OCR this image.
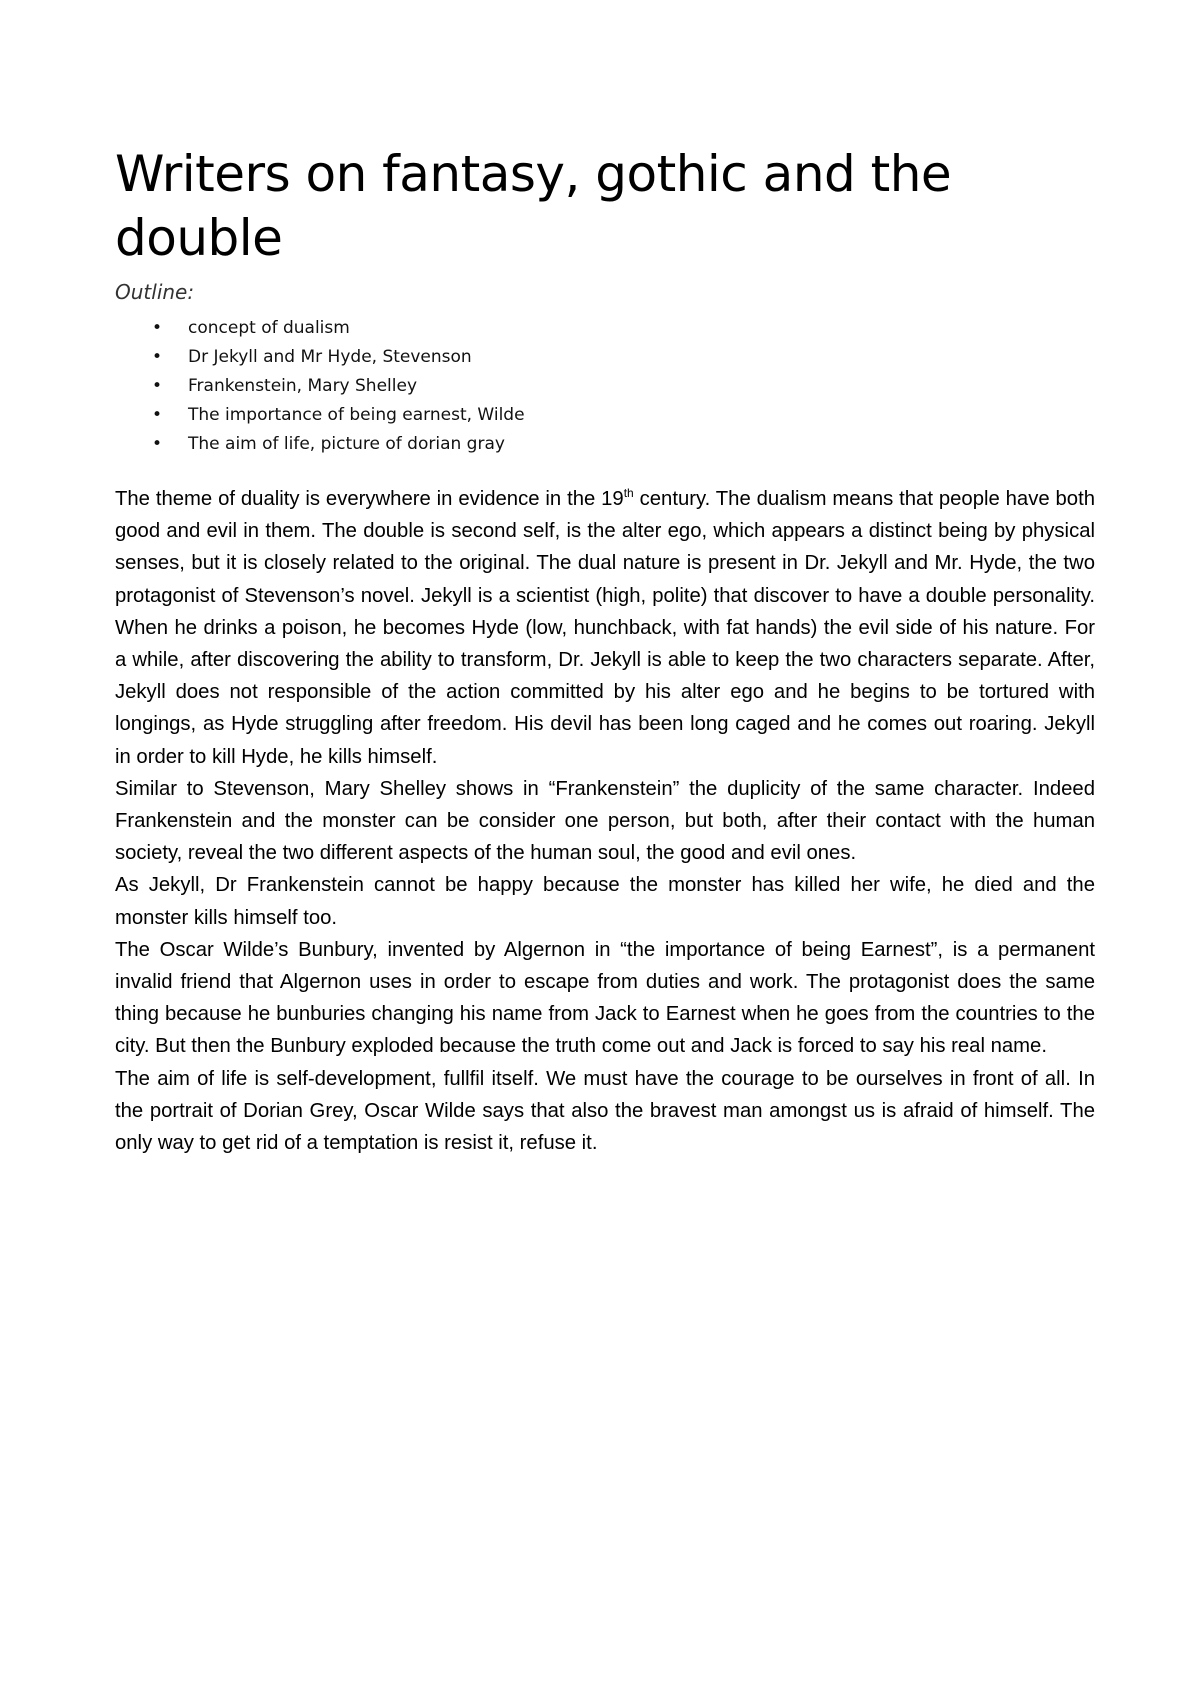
Writers on fantasy, gothic and the double
Outline:
• concept of dualism
• Dr Jekyll and Mr Hyde, Stevenson
• Frankenstein, Mary Shelley
• The importance of being earnest, Wilde
• The aim of life, picture of dorian gray

The theme of duality is everywhere in evidence in the 19th century. The dualism means that people have both good and evil in them. The double is second self, is the alter ego, which appears a distinct being by physical senses, but it is closely related to the original. The dual nature is present in Dr. Jekyll and Mr. Hyde, the two protagonist of Stevenson’s novel. Jekyll is a scientist (high, polite) that discover to have a double personality. When he drinks a poison, he becomes Hyde (low, hunchback, with fat hands) the evil side of his nature. For a while, after discovering the ability to transform, Dr. Jekyll is able to keep the two characters separate. After, Jekyll does not responsible of the action committed by his alter ego and he begins to be tortured with longings, as Hyde struggling after freedom. His devil has been long caged and he comes out roaring. Jekyll in order to kill Hyde, he kills himself.

Similar to Stevenson, Mary Shelley shows in “Frankenstein” the duplicity of the same character. Indeed Frankenstein and the monster can be consider one person, but both, after their contact with the human society, reveal the two different aspects of the human soul, the good and evil ones.

As Jekyll, Dr Frankenstein cannot be happy because the monster has killed her wife, he died and the monster kills himself too.

The Oscar Wilde’s Bunbury, invented by Algernon in “the importance of being Earnest”, is a permanent invalid friend that Algernon uses in order to escape from duties and work. The protagonist does the same thing because he bunburies changing his name from Jack to Earnest when he goes from the countries to the city. But then the Bunbury exploded because the truth come out and Jack is forced to say his real name.

The aim of life is self-development, fullfil itself. We must have the courage to be ourselves in front of all. In the portrait of Dorian Grey, Oscar Wilde says that also the bravest man amongst us is afraid of himself. The only way to get rid of a temptation is resist it, refuse it.
